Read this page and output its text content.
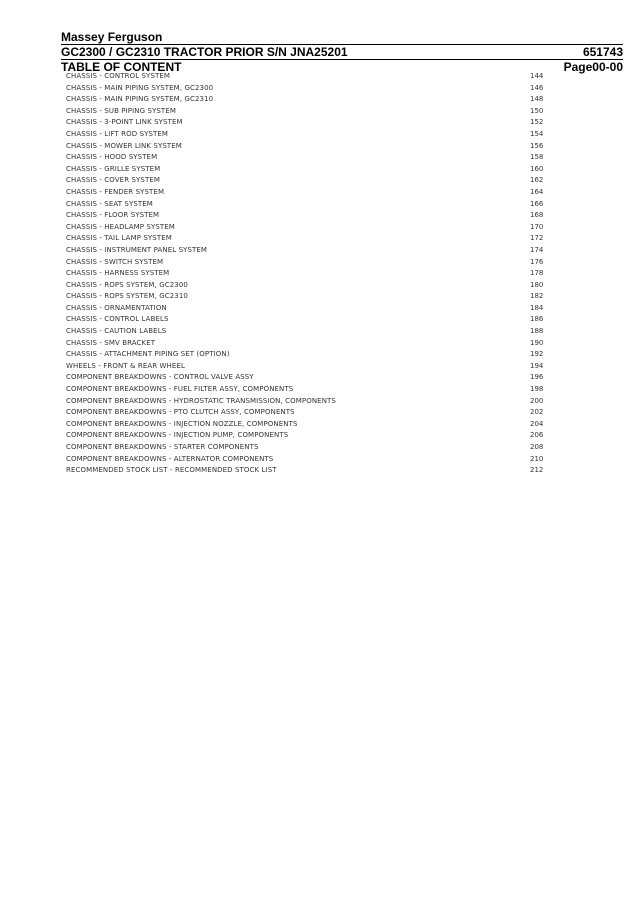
Massey Ferguson
GC2300 / GC2310 TRACTOR PRIOR S/N JNA25201	651743
TABLE OF CONTENT	Page00-00
CHASSIS - CONTROL SYSTEM	144
CHASSIS - MAIN PIPING SYSTEM, GC2300	146
CHASSIS - MAIN PIPING SYSTEM, GC2310	148
CHASSIS - SUB PIPING SYSTEM	150
CHASSIS - 3-POINT LINK SYSTEM	152
CHASSIS - LIFT ROD SYSTEM	154
CHASSIS - MOWER LINK SYSTEM	156
CHASSIS - HOOD SYSTEM	158
CHASSIS - GRILLE SYSTEM	160
CHASSIS - COVER SYSTEM	162
CHASSIS - FENDER SYSTEM	164
CHASSIS - SEAT SYSTEM	166
CHASSIS - FLOOR SYSTEM	168
CHASSIS - HEADLAMP SYSTEM	170
CHASSIS - TAIL LAMP SYSTEM	172
CHASSIS - INSTRUMENT PANEL SYSTEM	174
CHASSIS - SWITCH SYSTEM	176
CHASSIS - HARNESS SYSTEM	178
CHASSIS - ROPS SYSTEM, GC2300	180
CHASSIS - ROPS SYSTEM, GC2310	182
CHASSIS - ORNAMENTATION	184
CHASSIS - CONTROL LABELS	186
CHASSIS - CAUTION LABELS	188
CHASSIS - SMV BRACKET	190
CHASSIS - ATTACHMENT PIPING SET (OPTION)	192
WHEELS - FRONT & REAR WHEEL	194
COMPONENT BREAKDOWNS - CONTROL VALVE ASSY	196
COMPONENT BREAKDOWNS - FUEL FILTER ASSY, COMPONENTS	198
COMPONENT BREAKDOWNS - HYDROSTATIC TRANSMISSION, COMPONENTS	200
COMPONENT BREAKDOWNS - PTO CLUTCH ASSY, COMPONENTS	202
COMPONENT BREAKDOWNS - INJECTION NOZZLE, COMPONENTS	204
COMPONENT BREAKDOWNS - INJECTION PUMP, COMPONENTS	206
COMPONENT BREAKDOWNS - STARTER COMPONENTS	208
COMPONENT BREAKDOWNS - ALTERNATOR COMPONENTS	210
RECOMMENDED STOCK LIST - RECOMMENDED STOCK LIST	212
